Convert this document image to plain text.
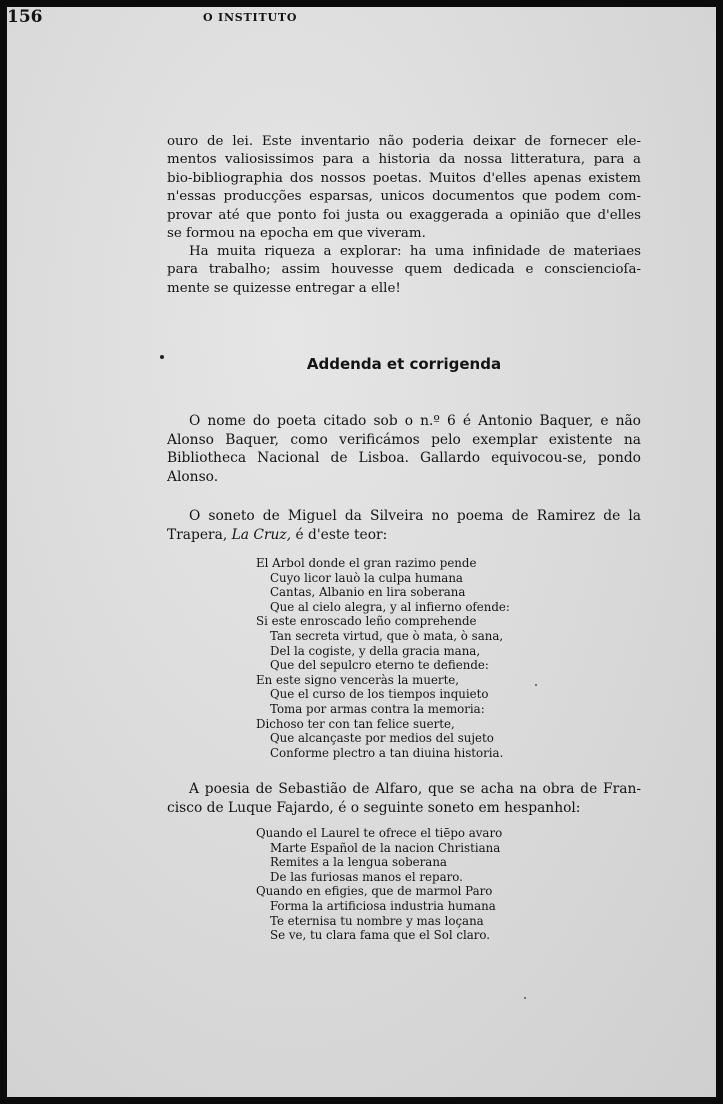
156	O INSTITUTO
ouro de lei. Este inventario não poderia deixar de fornecer ele-
mentos valiosissimos para a historia da nossa litteratura, para a
bio-bibliographia dos nossos poetas. Muitos d'elles apenas existem
n'essas producções esparsas, unicos documentos que podem com-
provar até que ponto foi justa ou exaggerada a opinião que d'elles
se formou na epocha em que viveram.
Ha muita riqueza a explorar: ha uma infinidade de materiaes
para trabalho; assim houvesse quem dedicada e consciencioſa-
mente se quizesse entregar a elle!
Addenda et corrigenda
O nome do poeta citado sob o n.º 6 é Antonio Baquer, e não
Alonso Baquer, como verificámos pelo exemplar existente na
Bibliotheca Nacional de Lisboa. Gallardo equivocou-se, pondo
Alonso.
O soneto de Miguel da Silveira no poema de Ramirez de la
Trapera, La Cruz, é d'este teor:
El Arbol donde el gran razimo pende
Cuyo licor lauò la culpa humana
Cantas, Albanio en lira soberana
Que al cielo alegra, y al infierno ofende:
Si este enroscado leño comprehende
Tan secreta virtud, que ò mata, ò sana,
Del la cogiste, y della gracia mana,
Que del sepulcro eterno te defiende:
En este signo venceràs la muerte,
Que el curso de los tiempos inquieto
Toma por armas contra la memoria:
Dichoso ter con tan felice suerte,
Que alcançaste por medios del sujeto
Conforme plectro a tan diuina historia.
A poesia de Sebastião de Alfaro, que se acha na obra de Fran-
cisco de Luque Fajardo, é o seguinte soneto em hespanhol:
Quando el Laurel te ofrece el tiēpo avaro
Marte Español de la nacion Christiana
Remites a la lengua soberana
De las furiosas manos el reparo.
Quando en efigies, que de marmol Paro
Forma la artificiosa industria humana
Te eternisa tu nombre y mas loçana
Se ve, tu clara fama que el Sol claro.
